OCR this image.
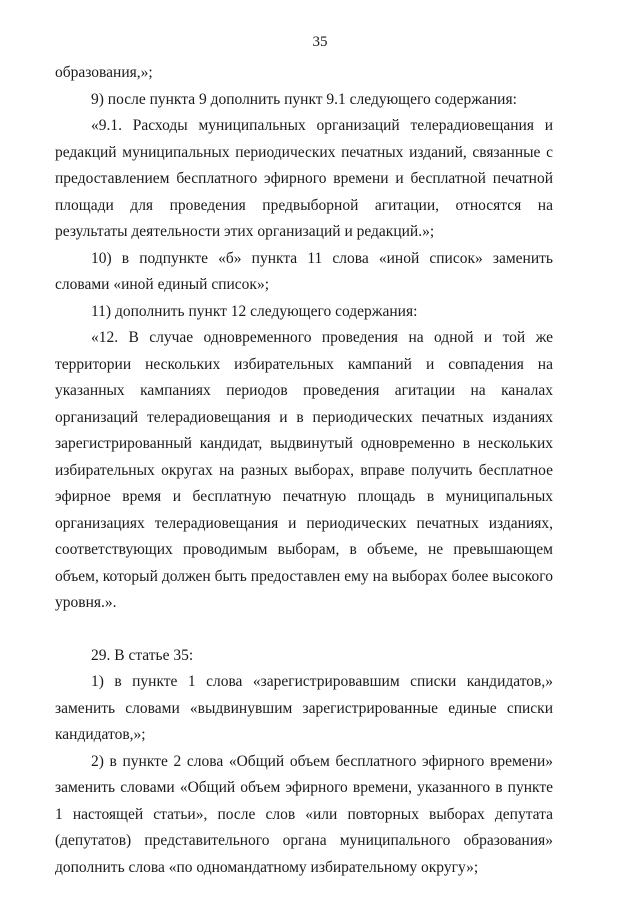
35

образования,»;

9) после пункта 9 дополнить пункт 9.1 следующего содержания:

«9.1. Расходы муниципальных организаций телерадиовещания и редакций муниципальных периодических печатных изданий, связанные с предоставлением бесплатного эфирного времени и бесплатной печатной площади для проведения предвыборной агитации, относятся на результаты деятельности этих организаций и редакций.»;

10) в подпункте «б» пункта 11 слова «иной список» заменить словами «иной единый список»;

11) дополнить пункт 12 следующего содержания:

«12. В случае одновременного проведения на одной и той же территории нескольких избирательных кампаний и совпадения на указанных кампаниях периодов проведения агитации на каналах организаций телерадиовещания и в периодических печатных изданиях зарегистрированный кандидат, выдвинутый одновременно в нескольких избирательных округах на разных выборах, вправе получить бесплатное эфирное время и бесплатную печатную площадь в муниципальных организациях телерадиовещания и периодических печатных изданиях, соответствующих проводимым выборам, в объеме, не превышающем объем, который должен быть предоставлен ему на выборах более высокого уровня.».

29. В статье 35:

1) в пункте 1 слова «зарегистрировавшим списки кандидатов,» заменить словами «выдвинувшим зарегистрированные единые списки кандидатов,»;

2) в пункте 2 слова «Общий объем бесплатного эфирного времени» заменить словами «Общий объем эфирного времени, указанного в пункте 1 настоящей статьи», после слов «или повторных выборах депутата (депутатов) представительного органа муниципального образования» дополнить слова «по одномандатному избирательному округу»;
